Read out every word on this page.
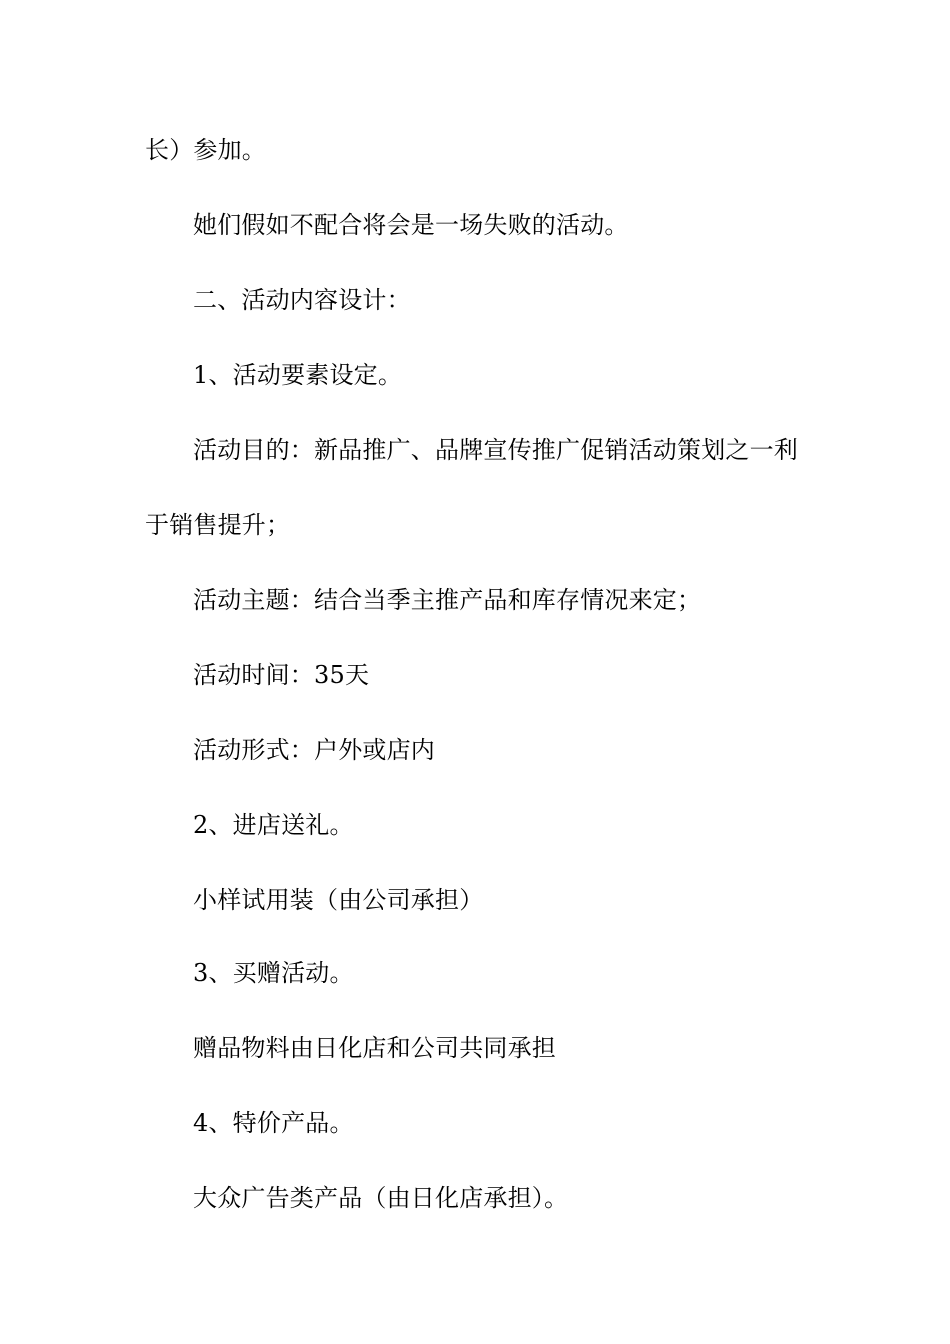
长）参加。
她们假如不配合将会是一场失败的活动。
二、活动内容设计：
1、活动要素设定。
活动目的：新品推广、品牌宣传推广促销活动策划之一利
于销售提升；
活动主题：结合当季主推产品和库存情况来定；
活动时间：35天
活动形式：户外或店内
2、进店送礼。
小样试用装（由公司承担）
3、买赠活动。
赠品物料由日化店和公司共同承担
4、特价产品。
大众广告类产品（由日化店承担）。
